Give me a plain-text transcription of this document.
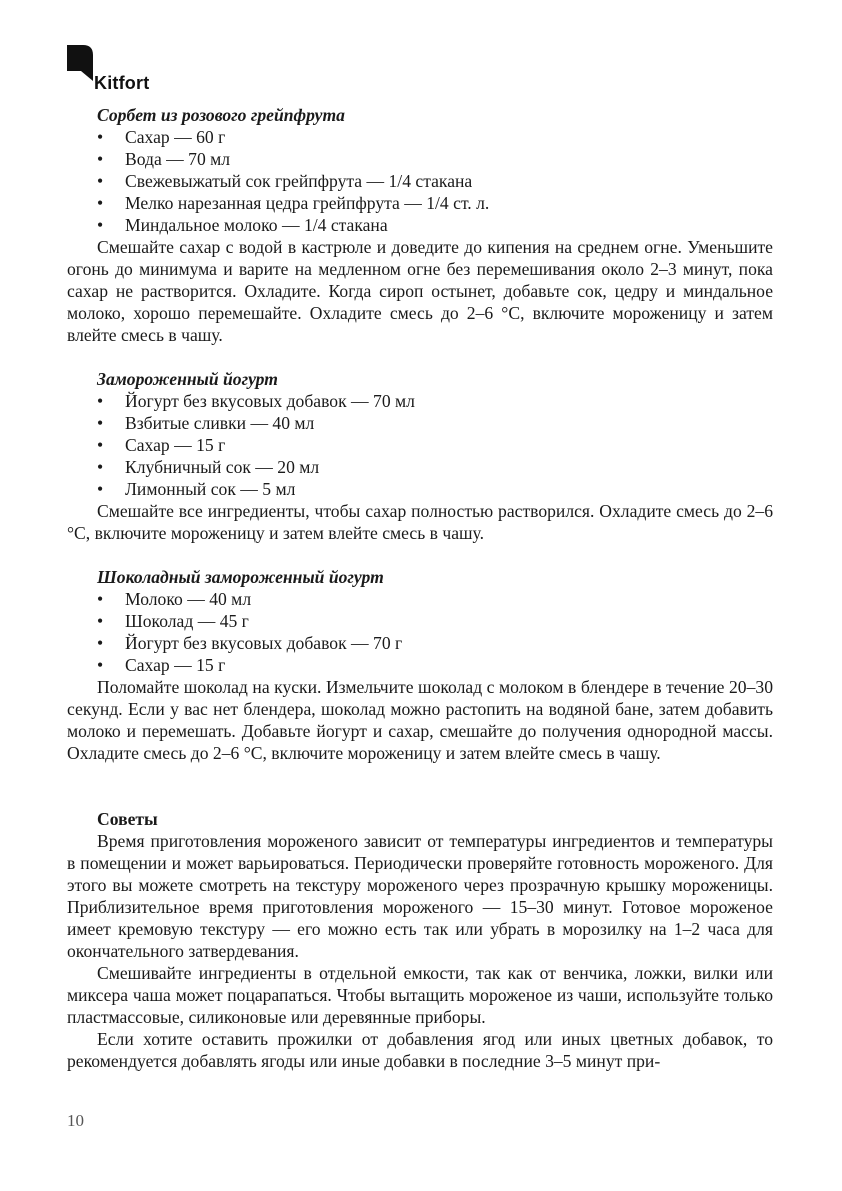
Kitfort
Сорбет из розового грейпфрута
• Сахар — 60 г
• Вода — 70 мл
• Свежевыжатый сок грейпфрута — 1/4 стакана
• Мелко нарезанная цедра грейпфрута — 1/4 ст. л.
• Миндальное молоко — 1/4 стакана

Смешайте сахар с водой в кастрюле и доведите до кипения на среднем огне. Уменьшите огонь до минимума и варите на медленном огне без перемешивания около 2–3 минут, пока сахар не растворится. Охладите. Когда сироп остынет, добавьте сок, цедру и миндальное молоко, хорошо перемешайте. Охладите смесь до 2–6 °С, включите мороженицу и затем влейте смесь в чашу.

Замороженный йогурт
• Йогурт без вкусовых добавок — 70 мл
• Взбитые сливки — 40 мл
• Сахар — 15 г
• Клубничный сок — 20 мл
• Лимонный сок — 5 мл

Смешайте все ингредиенты, чтобы сахар полностью растворился. Охладите смесь до 2–6 °С, включите мороженицу и затем влейте смесь в чашу.

Шоколадный замороженный йогурт
• Молоко — 40 мл
• Шоколад — 45 г
• Йогурт без вкусовых добавок — 70 г
• Сахар — 15 г

Поломайте шоколад на куски. Измельчите шоколад с молоком в блендере в течение 20–30 секунд. Если у вас нет блендера, шоколад можно растопить на водяной бане, затем добавить молоко и перемешать. Добавьте йогурт и сахар, смешайте до получения однородной массы. Охладите смесь до 2–6 °С, включите мороженицу и затем влейте смесь в чашу.

Советы

Время приготовления мороженого зависит от температуры ингредиентов и температуры в помещении и может варьироваться. Периодически проверяйте готовность мороженого. Для этого вы можете смотреть на текстуру мороженого через прозрачную крышку мороженицы. Приблизительное время приготовления мороженого — 15–30 минут. Готовое мороженое имеет кремовую текстуру — его можно есть так или убрать в морозилку на 1–2 часа для окончательного затвердевания.

Смешивайте ингредиенты в отдельной емкости, так как от венчика, ложки, вилки или миксера чаша может поцарапаться. Чтобы вытащить мороженое из чаши, используйте только пластмассовые, силиконовые или деревянные приборы.

Если хотите оставить прожилки от добавления ягод или иных цветных добавок, то рекомендуется добавлять ягоды или иные добавки в последние 3–5 минут при-

10
